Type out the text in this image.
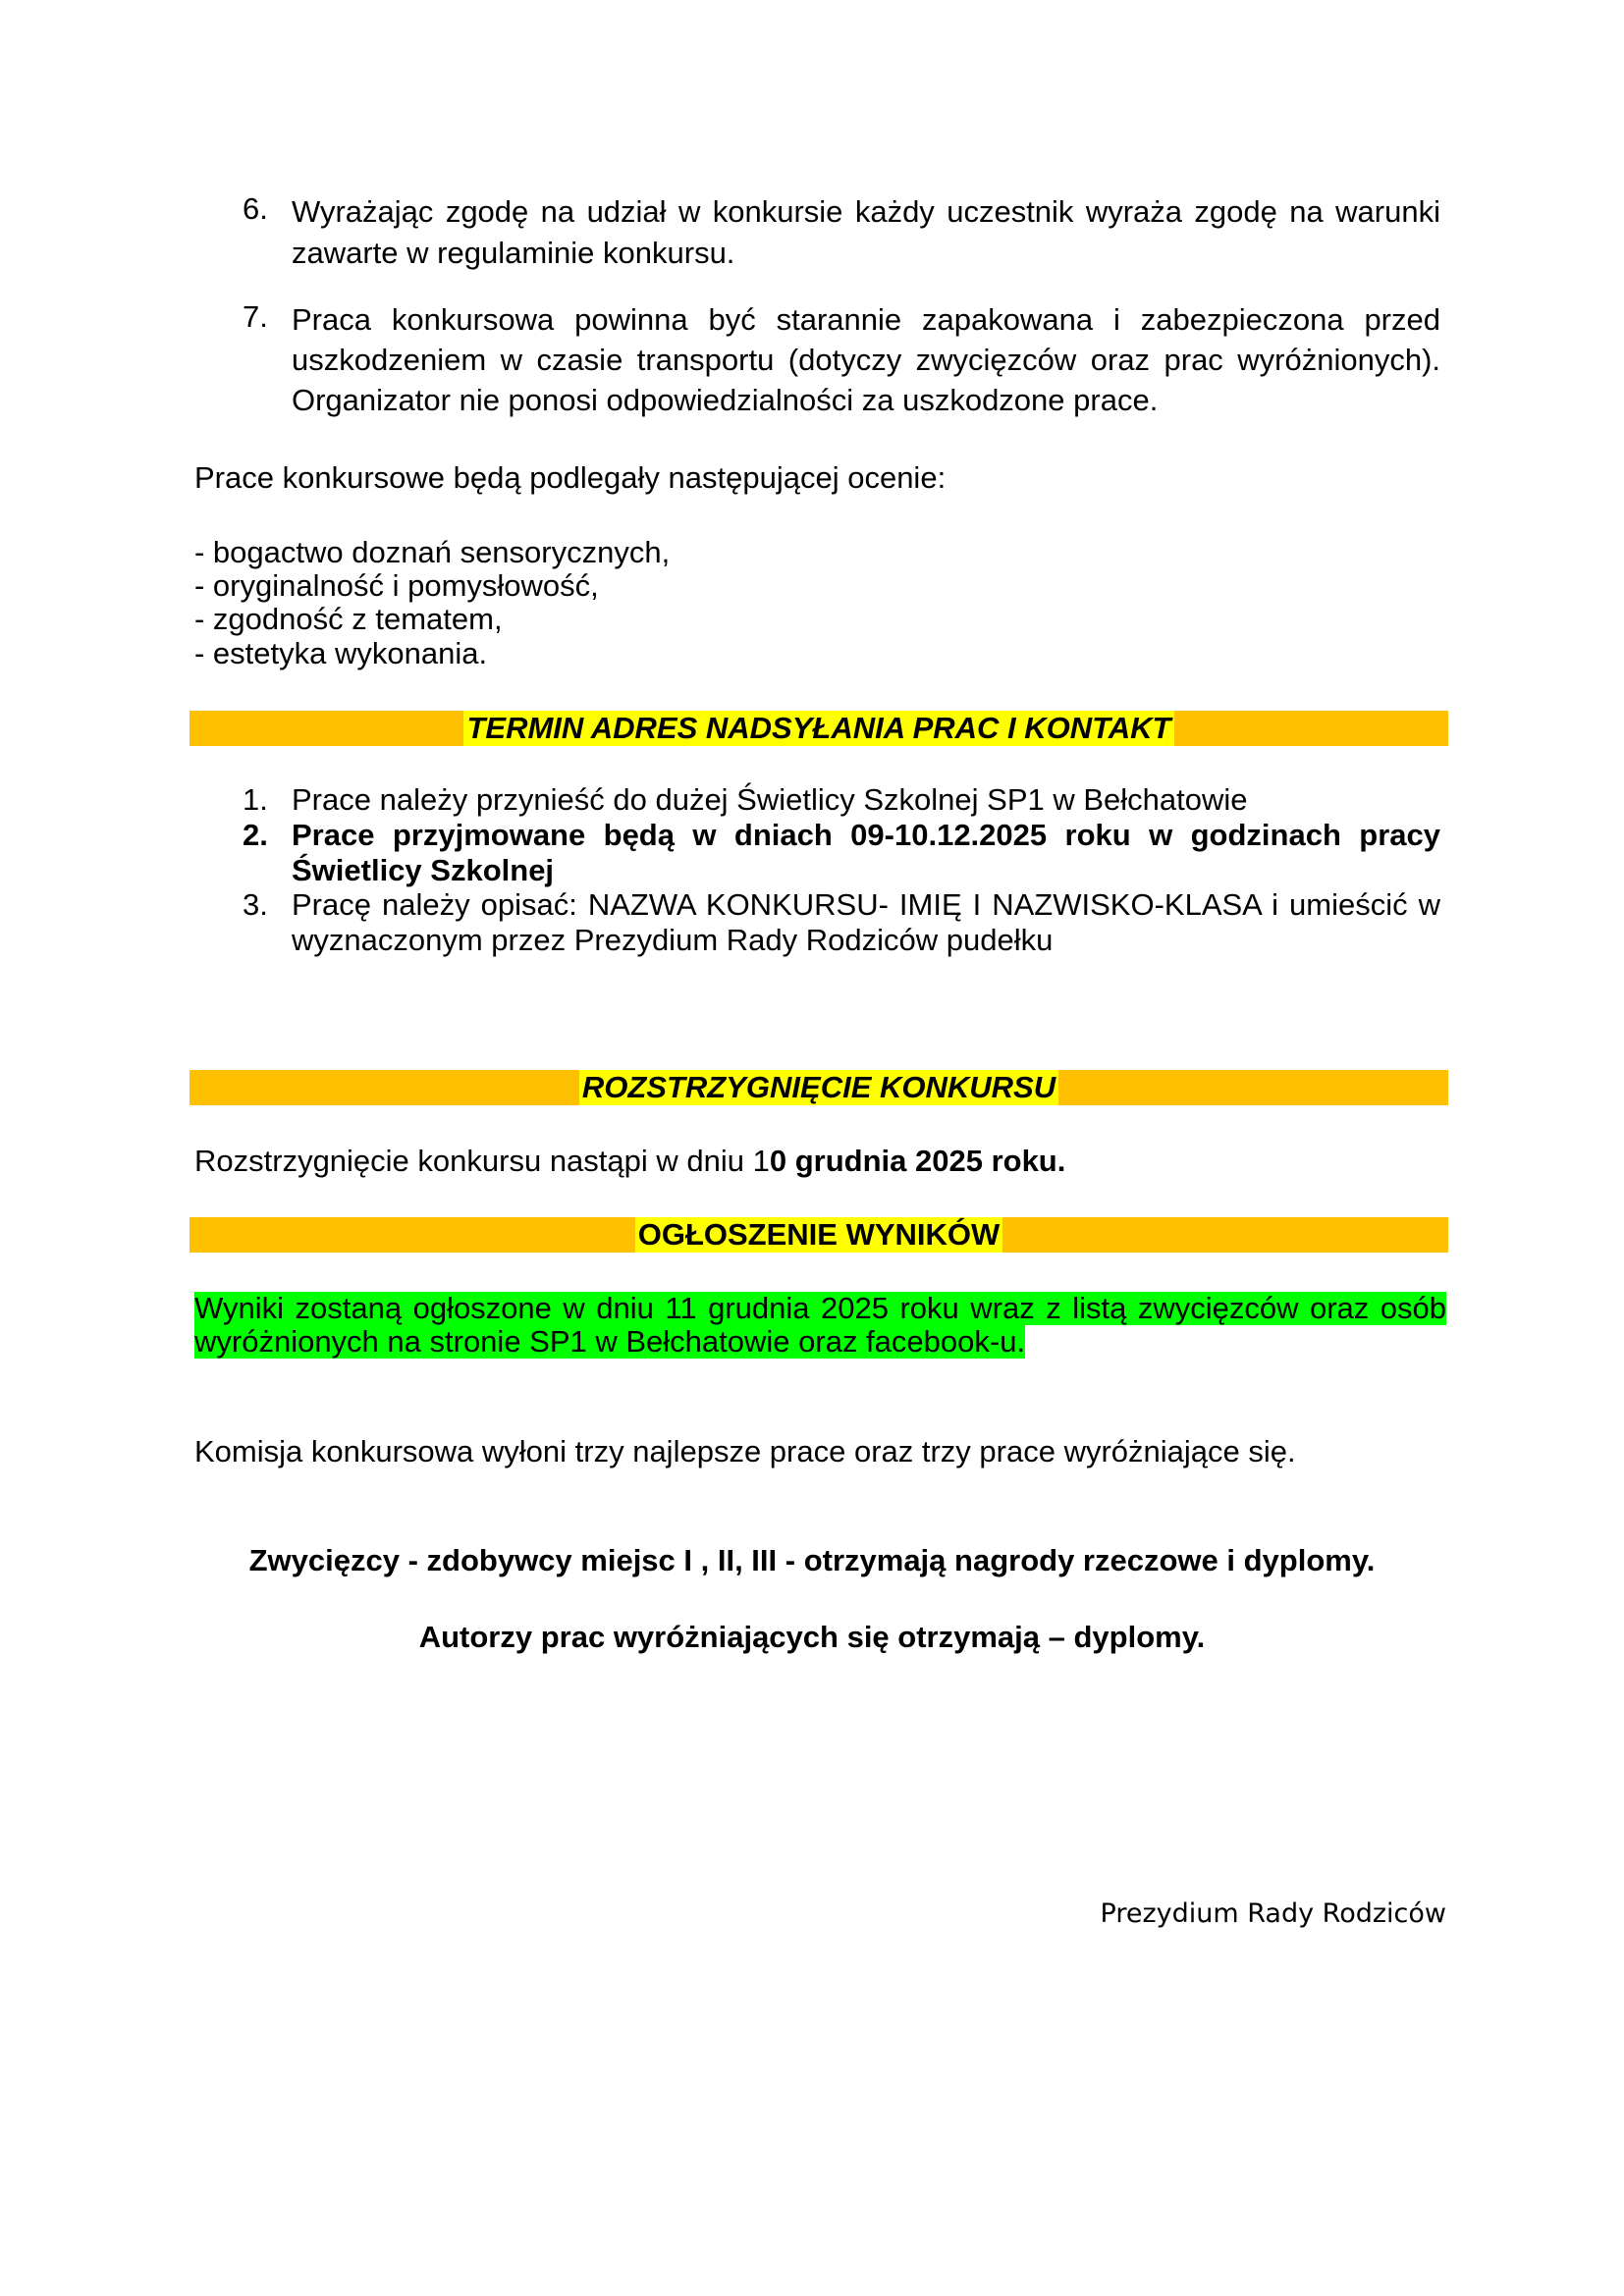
6. Wyrażając zgodę na udział w konkursie każdy uczestnik wyraża zgodę na warunki zawarte w regulaminie konkursu.
7. Praca konkursowa powinna być starannie zapakowana i zabezpieczona przed uszkodzeniem w czasie transportu (dotyczy zwycięzców oraz prac wyróżnionych). Organizator nie ponosi odpowiedzialności za uszkodzone prace.
Prace konkursowe będą podlegały następującej ocenie:
- bogactwo doznań sensorycznych,
- oryginalność i pomysłowość,
- zgodność z tematem,
- estetyka wykonania.
TERMIN ADRES NADSYŁANIA PRAC I KONTAKT
1. Prace należy przynieść do dużej Świetlicy Szkolnej SP1 w Bełchatowie
2. Prace przyjmowane będą w dniach 09-10.12.2025 roku w godzinach pracy Świetlicy Szkolnej
3. Pracę należy opisać: NAZWA KONKURSU- IMIĘ I NAZWISKO-KLASA i umieścić w wyznaczonym przez Prezydium Rady Rodziców pudełku
ROZSTRZYGNIĘCIE KONKURSU
Rozstrzygnięcie konkursu nastąpi w dniu 10 grudnia 2025 roku.
OGŁOSZENIE WYNIKÓW
Wyniki zostaną ogłoszone w dniu 11 grudnia 2025 roku wraz z listą zwycięzców oraz osób
wyróżnionych na stronie SP1 w Bełchatowie oraz facebook-u.
Komisja konkursowa wyłoni trzy najlepsze prace oraz trzy prace wyróżniające się.
Zwycięzcy - zdobywcy miejsc I , II, III - otrzymają nagrody rzeczowe i dyplomy.
Autorzy prac wyróżniających się otrzymają – dyplomy.
Prezydium Rady Rodziców
